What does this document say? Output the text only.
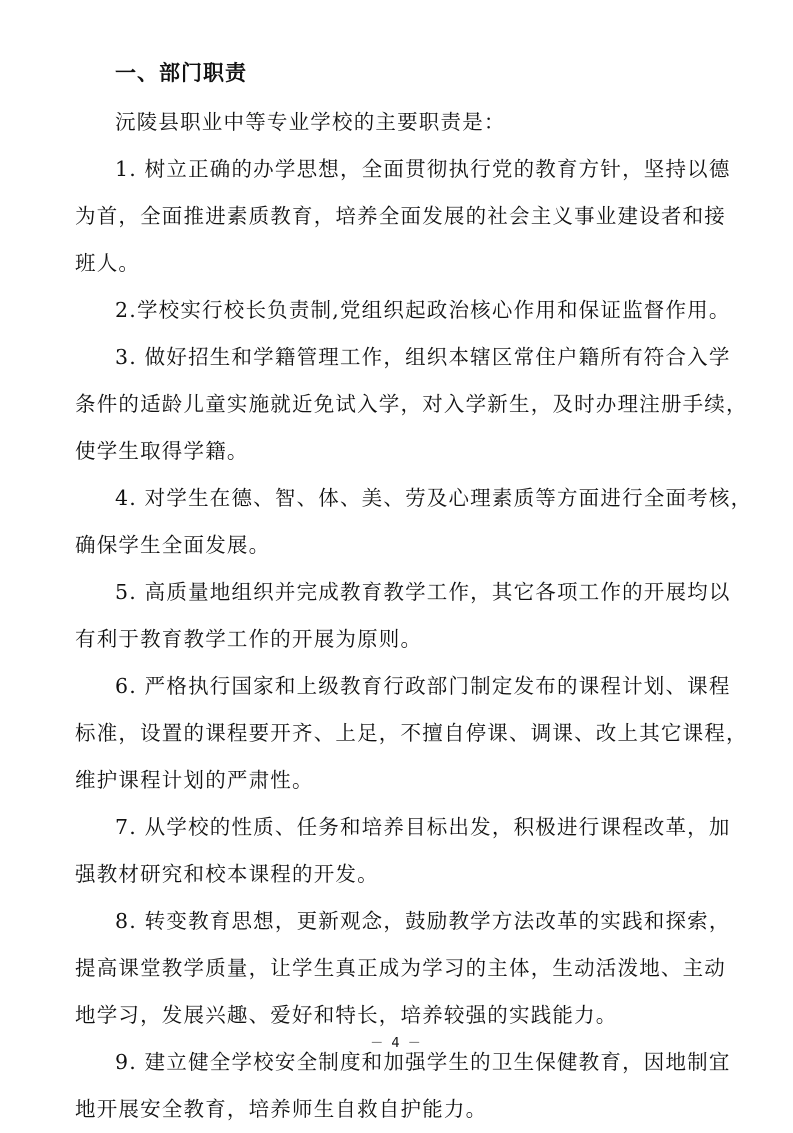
一、部门职责
沅陵县职业中等专业学校的主要职责是：
1. 树立正确的办学思想，全面贯彻执行党的教育方针，坚持以德
为首，全面推进素质教育，培养全面发展的社会主义事业建设者和接
班人。
2.学校实行校长负责制,党组织起政治核心作用和保证监督作用。
3. 做好招生和学籍管理工作，组织本辖区常住户籍所有符合入学
条件的适龄儿童实施就近免试入学，对入学新生，及时办理注册手续，
使学生取得学籍。
4. 对学生在德、智、体、美、劳及心理素质等方面进行全面考核，
确保学生全面发展。
5. 高质量地组织并完成教育教学工作，其它各项工作的开展均以
有利于教育教学工作的开展为原则。
6. 严格执行国家和上级教育行政部门制定发布的课程计划、课程
标准，设置的课程要开齐、上足，不擅自停课、调课、改上其它课程，
维护课程计划的严肃性。
7. 从学校的性质、任务和培养目标出发，积极进行课程改革，加
强教材研究和校本课程的开发。
8. 转变教育思想，更新观念，鼓励教学方法改革的实践和探索，
提高课堂教学质量，让学生真正成为学习的主体，生动活泼地、主动
地学习，发展兴趣、爱好和特长，培养较强的实践能力。
9. 建立健全学校安全制度和加强学生的卫生保健教育，因地制宜
地开展安全教育，培养师生自救自护能力。
－ 4 －
